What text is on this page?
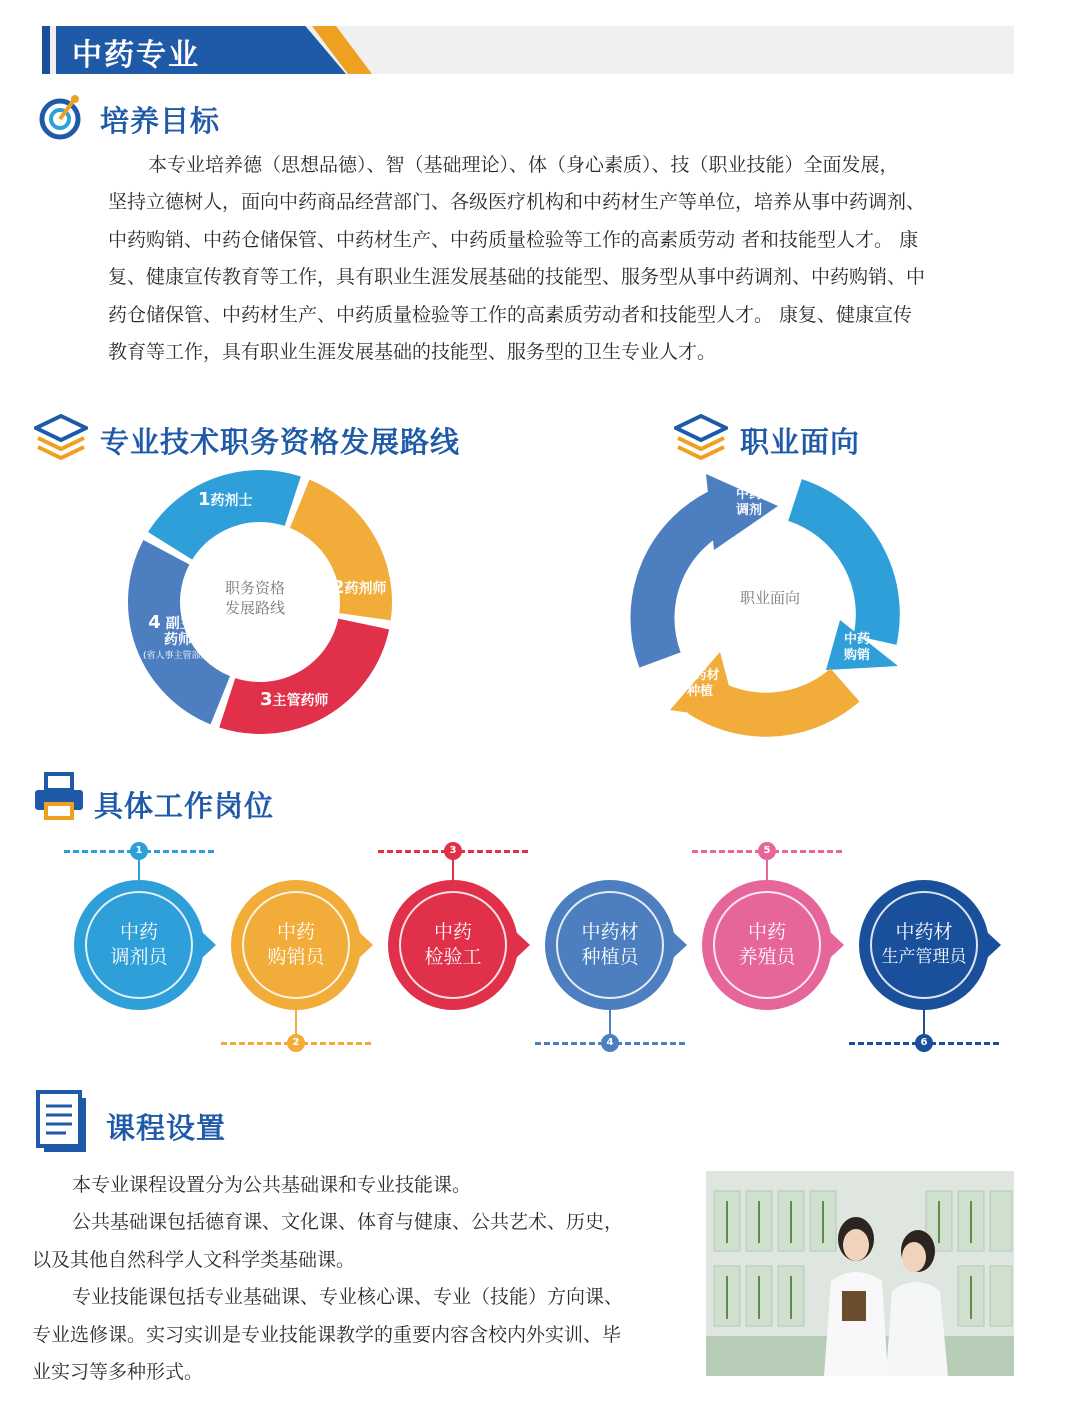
中药专业
培养目标
本专业培养德（思想品德）、智（基础理论）、体（身心素质）、技（职业技能）全面发展，
坚持立德树人，面向中药商品经营部门、各级医疗机构和中药材生产等单位，培养从事中药调剂、
中药购销、中药仓储保管、中药材生产、中药质量检验等工作的高素质劳动 者和技能型人才。 康
复、健康宣传教育等工作，具有职业生涯发展基础的技能型、服务型从事中药调剂、中药购销、中
药仓储保管、中药材生产、中药质量检验等工作的高素质劳动者和技能型人才。 康复、健康宣传
教育等工作，具有职业生涯发展基础的技能型、服务型的卫生专业人才。
专业技术职务资格发展路线
职务资格
发展路线
1药剂士
2药剂师
3主管药师
4 副主任
药师
(省人事主管部门)
职业面向
职业面向
中药
调剂
中药
购销
中药材
种植
具体工作岗位
1
中药
调剂员
2
中药
购销员
3
中药
检验工
4
中药材
种植员
5
中药
养殖员
6
中药材
生产管理员
课程设置
本专业课程设置分为公共基础课和专业技能课。
公共基础课包括德育课、文化课、体育与健康、公共艺术、历史，
以及其他自然科学人文科学类基础课。
专业技能课包括专业基础课、专业核心课、专业（技能）方向课、
专业选修课。实习实训是专业技能课教学的重要内容含校内外实训、毕
业实习等多种形式。
